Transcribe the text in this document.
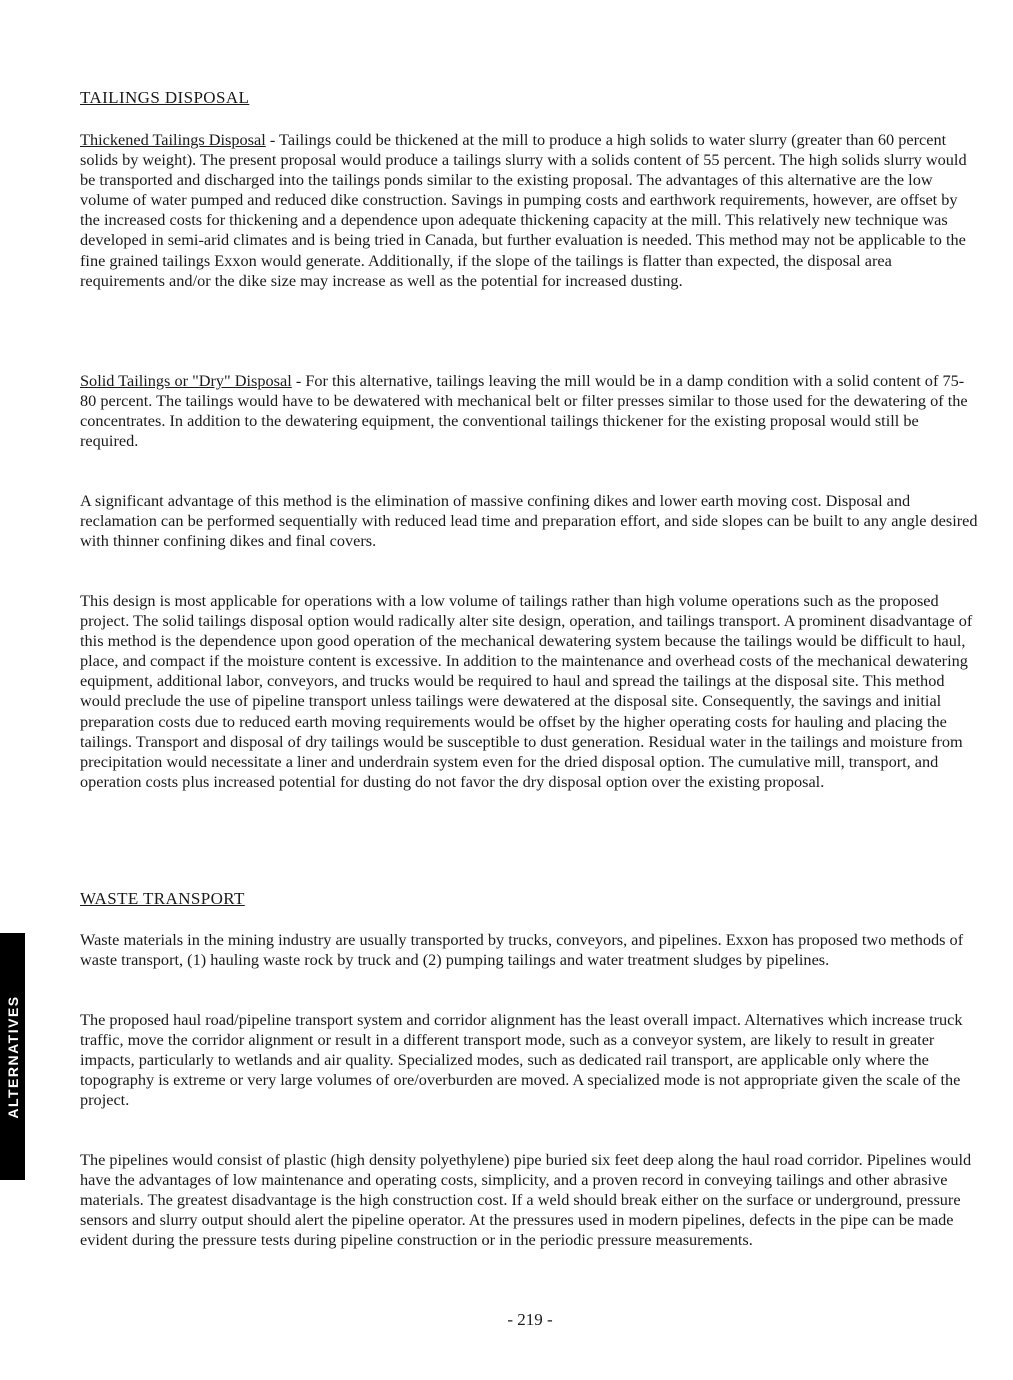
ALTERNATIVES
TAILINGS DISPOSAL

Thickened Tailings Disposal - Tailings could be thickened at the mill to produce a high solids to water slurry (greater than 60 percent solids by weight). The present proposal would produce a tailings slurry with a solids content of 55 percent. The high solids slurry would be transported and discharged into the tailings ponds similar to the existing proposal. The advantages of this alternative are the low volume of water pumped and reduced dike construction. Savings in pumping costs and earthwork requirements, however, are offset by the increased costs for thickening and a dependence upon adequate thickening capacity at the mill. This relatively new technique was developed in semi-arid climates and is being tried in Canada, but further evaluation is needed. This method may not be applicable to the fine grained tailings Exxon would generate. Additionally, if the slope of the tailings is flatter than expected, the disposal area requirements and/or the dike size may increase as well as the potential for increased dusting.

Solid Tailings or "Dry" Disposal - For this alternative, tailings leaving the mill would be in a damp condition with a solid content of 75-80 percent. The tailings would have to be dewatered with mechanical belt or filter presses similar to those used for the dewatering of the concentrates. In addition to the dewatering equipment, the conventional tailings thickener for the existing proposal would still be required.

A significant advantage of this method is the elimination of massive confining dikes and lower earth moving cost. Disposal and reclamation can be performed sequentially with reduced lead time and preparation effort, and side slopes can be built to any angle desired with thinner confining dikes and final covers.

This design is most applicable for operations with a low volume of tailings rather than high volume operations such as the proposed project. The solid tailings disposal option would radically alter site design, operation, and tailings transport. A prominent disadvantage of this method is the dependence upon good operation of the mechanical dewatering system because the tailings would be difficult to haul, place, and compact if the moisture content is excessive. In addition to the maintenance and overhead costs of the mechanical dewatering equipment, additional labor, conveyors, and trucks would be required to haul and spread the tailings at the disposal site. This method would preclude the use of pipeline transport unless tailings were dewatered at the disposal site. Consequently, the savings and initial preparation costs due to reduced earth moving requirements would be offset by the higher operating costs for hauling and placing the tailings. Transport and disposal of dry tailings would be susceptible to dust generation. Residual water in the tailings and moisture from precipitation would necessitate a liner and underdrain system even for the dried disposal option. The cumulative mill, transport, and operation costs plus increased potential for dusting do not favor the dry disposal option over the existing proposal.

WASTE TRANSPORT

Waste materials in the mining industry are usually transported by trucks, conveyors, and pipelines. Exxon has proposed two methods of waste transport, (1) hauling waste rock by truck and (2) pumping tailings and water treatment sludges by pipelines.

The proposed haul road/pipeline transport system and corridor alignment has the least overall impact. Alternatives which increase truck traffic, move the corridor alignment or result in a different transport mode, such as a conveyor system, are likely to result in greater impacts, particularly to wetlands and air quality. Specialized modes, such as dedicated rail transport, are applicable only where the topography is extreme or very large volumes of ore/overburden are moved. A specialized mode is not appropriate given the scale of the project.

The pipelines would consist of plastic (high density polyethylene) pipe buried six feet deep along the haul road corridor. Pipelines would have the advantages of low maintenance and operating costs, simplicity, and a proven record in conveying tailings and other abrasive materials. The greatest disadvantage is the high construction cost. If a weld should break either on the surface or underground, pressure sensors and slurry output should alert the pipeline operator. At the pressures used in modern pipelines, defects in the pipe can be made evident during the pressure tests during pipeline construction or in the periodic pressure measurements.

- 219 -
